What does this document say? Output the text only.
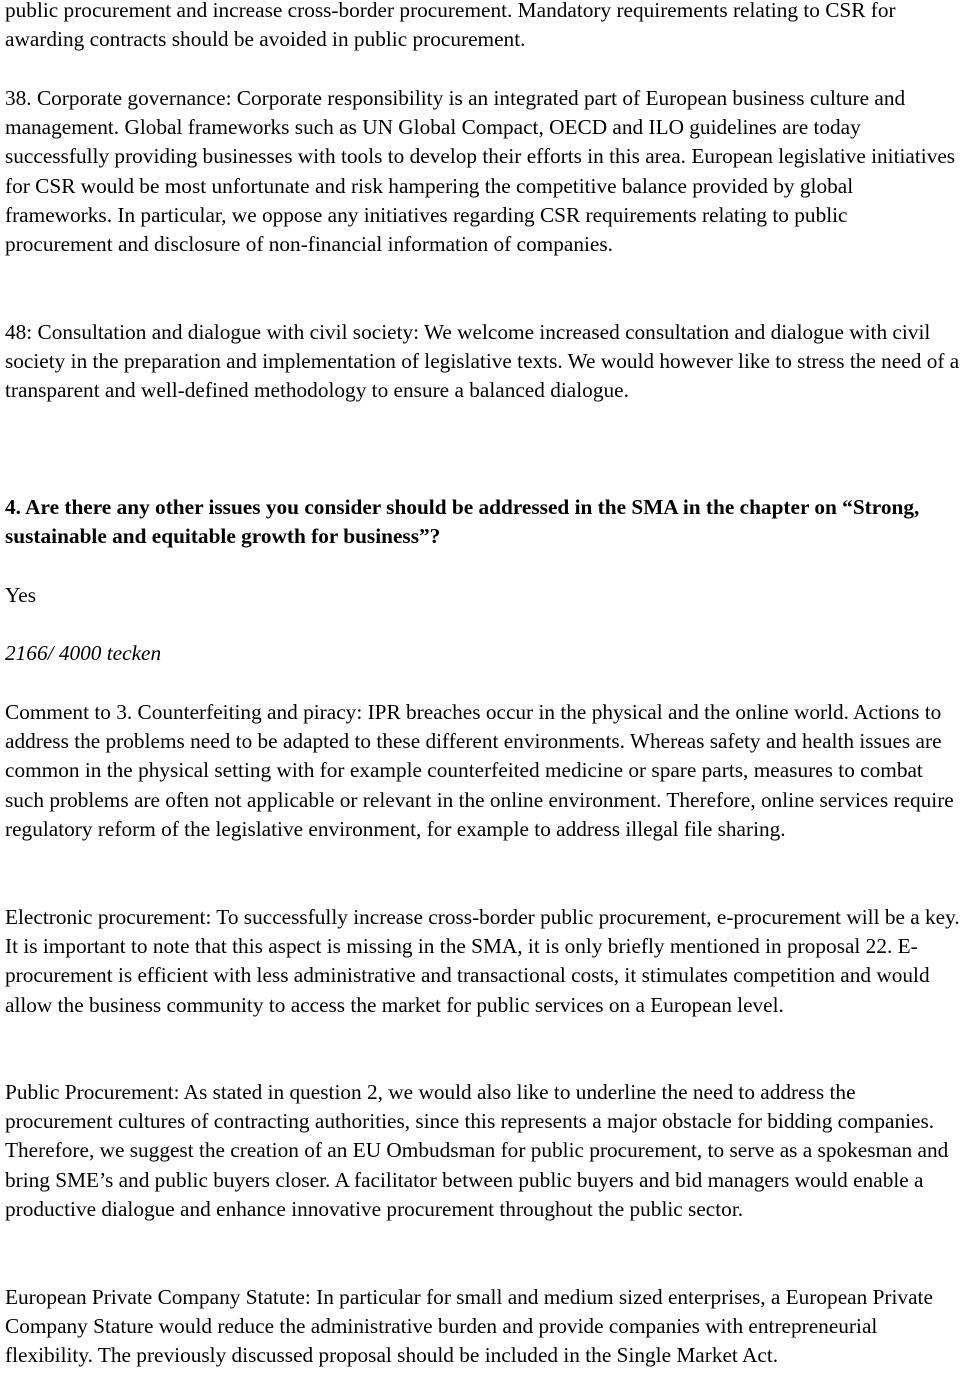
public procurement and increase cross-border procurement. Mandatory requirements relating to CSR for awarding contracts should be avoided in public procurement.

38. Corporate governance: Corporate responsibility is an integrated part of European business culture and management. Global frameworks such as UN Global Compact, OECD and ILO guidelines are today successfully providing businesses with tools to develop their efforts in this area. European legislative initiatives for CSR would be most unfortunate and risk hampering the competitive balance provided by global frameworks. In particular, we oppose any initiatives regarding CSR requirements relating to public procurement and disclosure of non-financial information of companies.

48: Consultation and dialogue with civil society: We welcome increased consultation and dialogue with civil society in the preparation and implementation of legislative texts. We would however like to stress the need of a transparent and well-defined methodology to ensure a balanced dialogue.

4. Are there any other issues you consider should be addressed in the SMA in the chapter on “Strong, sustainable and equitable growth for business”?

Yes

2166/ 4000 tecken

Comment to 3. Counterfeiting and piracy: IPR breaches occur in the physical and the online world. Actions to address the problems need to be adapted to these different environments. Whereas safety and health issues are common in the physical setting with for example counterfeited medicine or spare parts, measures to combat such problems are often not applicable or relevant in the online environment. Therefore, online services require regulatory reform of the legislative environment, for example to address illegal file sharing.

Electronic procurement: To successfully increase cross-border public procurement, e-procurement will be a key. It is important to note that this aspect is missing in the SMA, it is only briefly mentioned in proposal 22. E-procurement is efficient with less administrative and transactional costs, it stimulates competition and would allow the business community to access the market for public services on a European level.

Public Procurement: As stated in question 2, we would also like to underline the need to address the procurement cultures of contracting authorities, since this represents a major obstacle for bidding companies. Therefore, we suggest the creation of an EU Ombudsman for public procurement, to serve as a spokesman and bring SME’s and public buyers closer. A facilitator between public buyers and bid managers would enable a productive dialogue and enhance innovative procurement throughout the public sector.

European Private Company Statute: In particular for small and medium sized enterprises, a European Private Company Stature would reduce the administrative burden and provide companies with entrepreneurial flexibility. The previously discussed proposal should be included in the Single Market Act.
